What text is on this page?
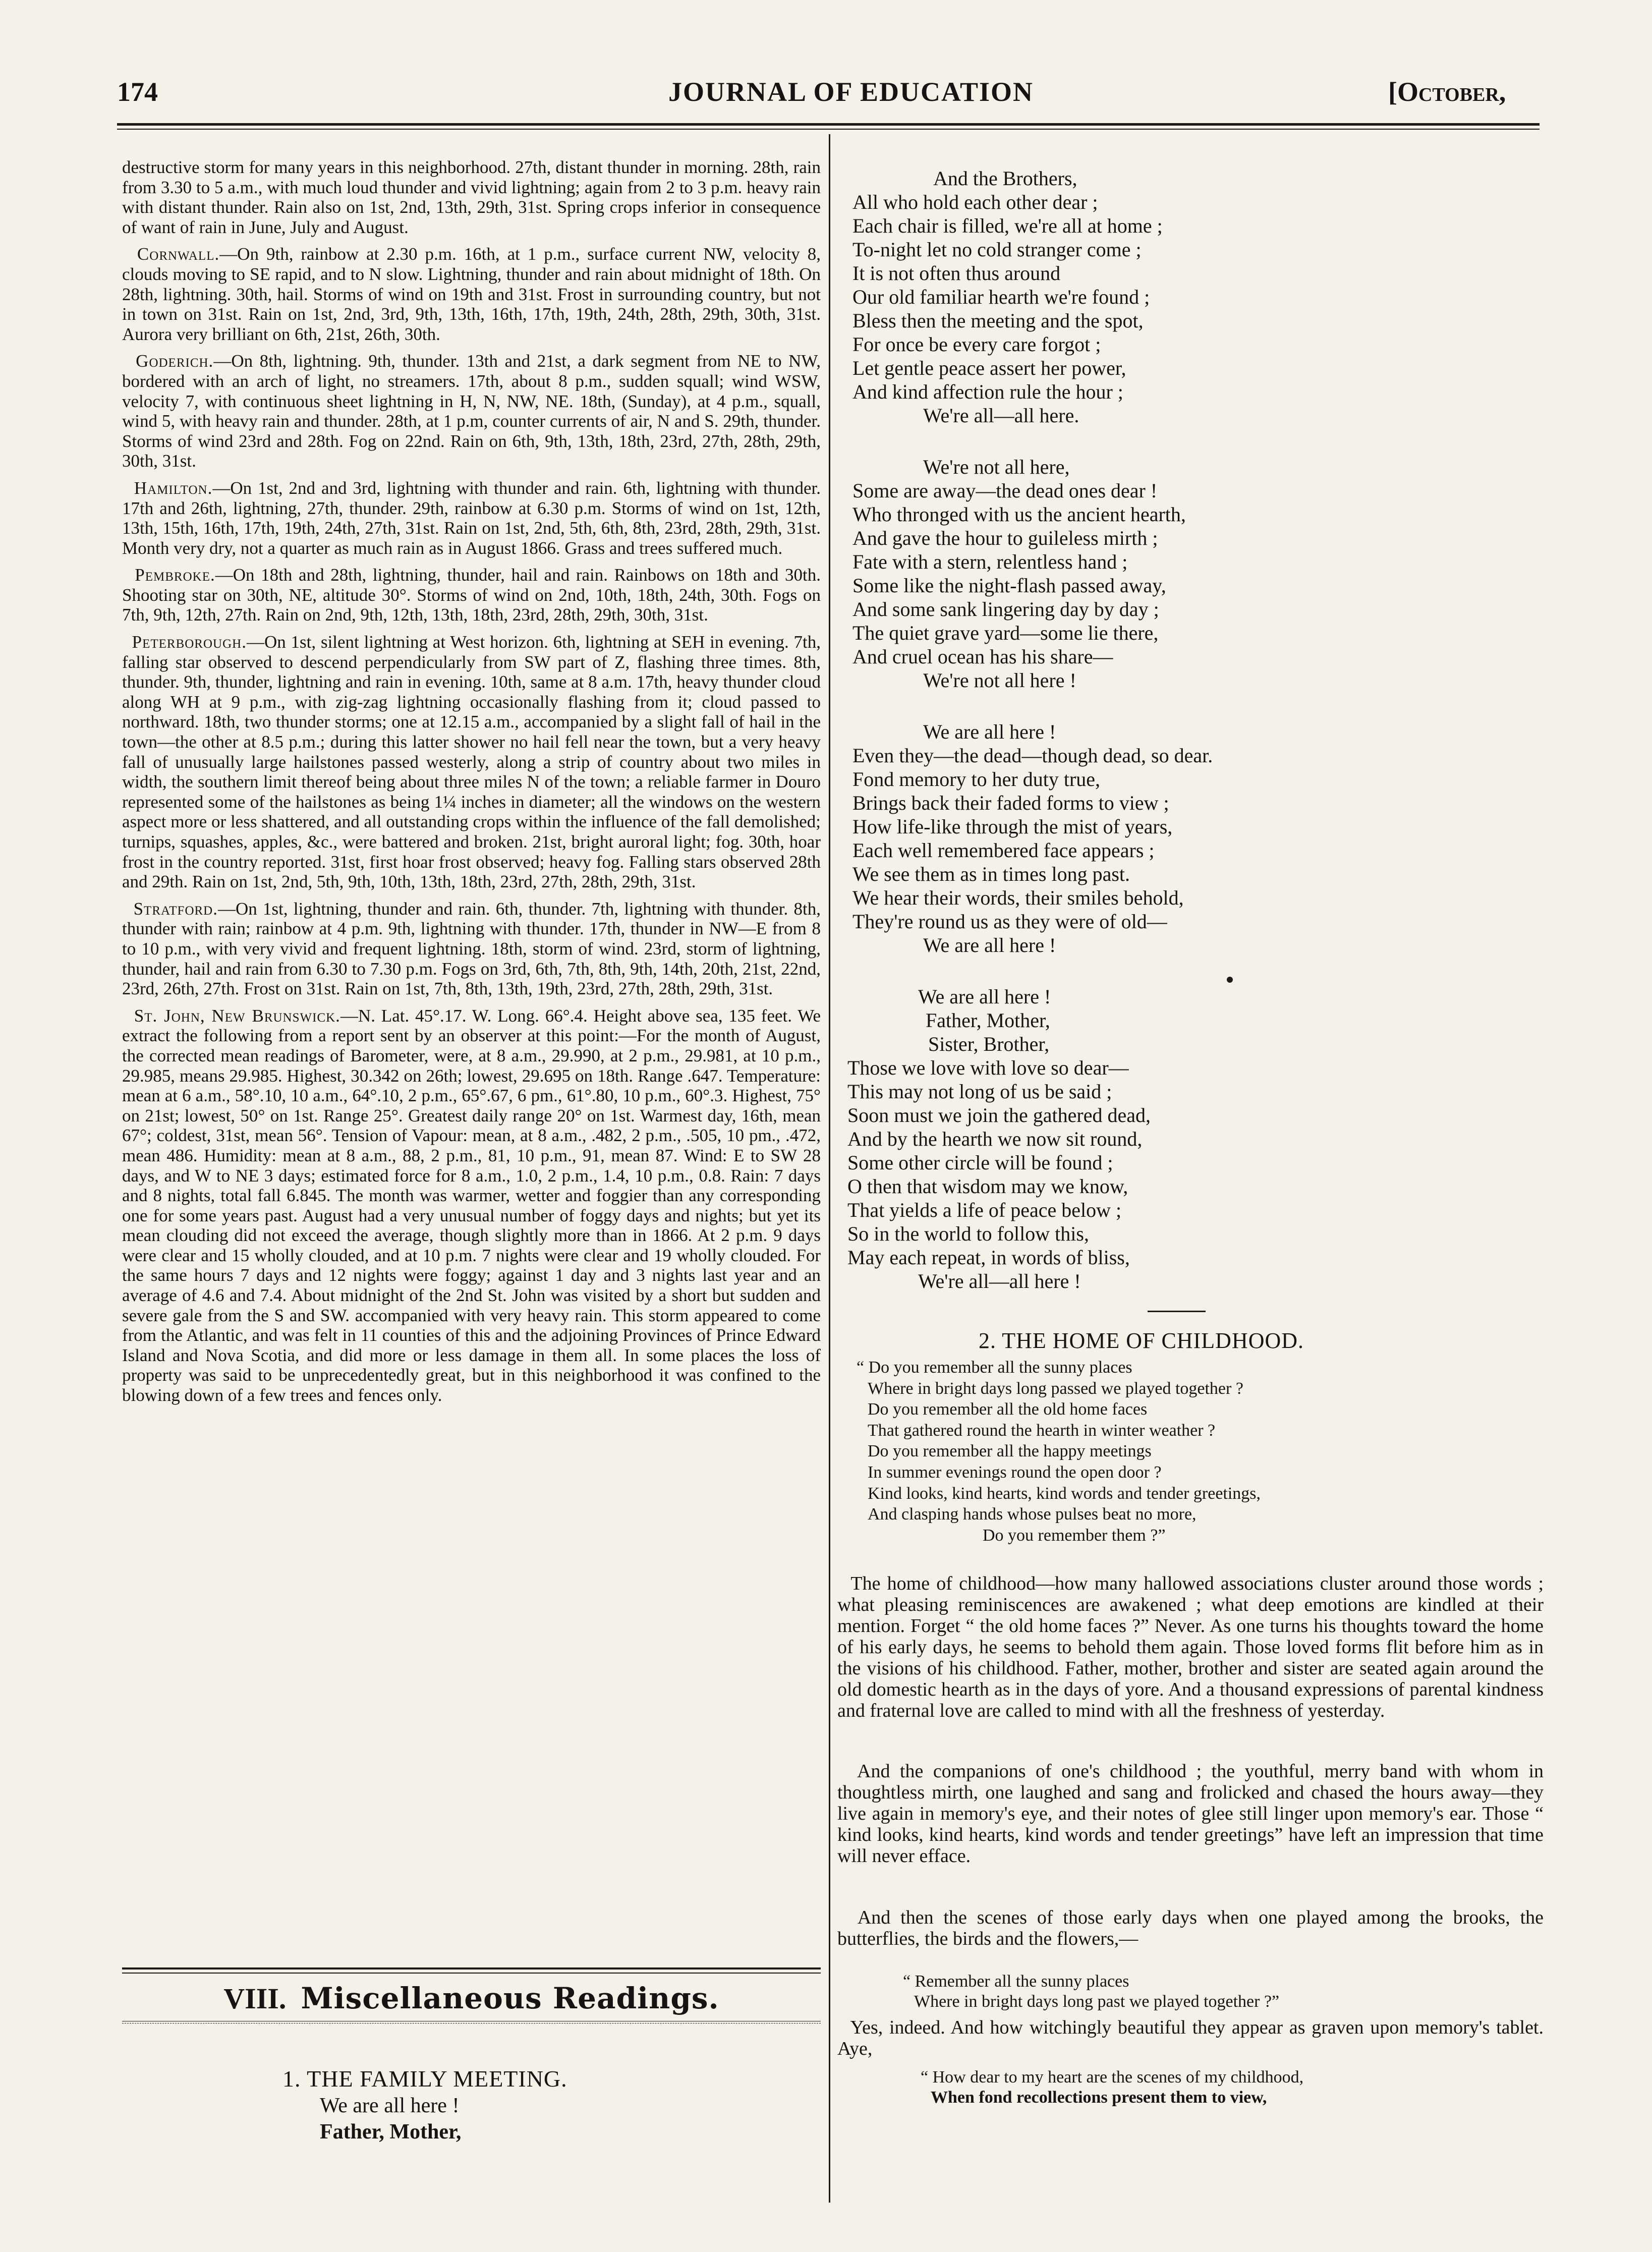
174	JOURNAL OF EDUCATION	[October,

destructive storm for many years in this neighborhood. 27th, distant thunder in morning. 28th, rain from 3.30 to 5 a.m., with much loud thunder and vivid lightning; again from 2 to 3 p.m. heavy rain with distant thunder. Rain also on 1st, 2nd, 13th, 29th, 31st. Spring crops inferior in consequence of want of rain in June, July and August.

Cornwall.—On 9th, rainbow at 2.30 p.m. 16th, at 1 p.m., surface current NW, velocity 8, clouds moving to SE rapid, and to N slow. Lightning, thunder and rain about midnight of 18th. On 28th, lightning. 30th, hail. Storms of wind on 19th and 31st. Frost in surrounding country, but not in town on 31st. Rain on 1st, 2nd, 3rd, 9th, 13th, 16th, 17th, 19th, 24th, 28th, 29th, 30th, 31st. Aurora very brilliant on 6th, 21st, 26th, 30th.

Goderich.—On 8th, lightning. 9th, thunder. 13th and 21st, a dark segment from NE to NW, bordered with an arch of light, no streamers. 17th, about 8 p.m., sudden squall; wind WSW, velocity 7, with continuous sheet lightning in H, N, NW, NE. 18th, (Sunday), at 4 p.m., squall, wind 5, with heavy rain and thunder. 28th, at 1 p.m, counter currents of air, N and S. 29th, thunder. Storms of wind 23rd and 28th. Fog on 22nd. Rain on 6th, 9th, 13th, 18th, 23rd, 27th, 28th, 29th, 30th, 31st.

Hamilton.—On 1st, 2nd and 3rd, lightning with thunder and rain. 6th, lightning with thunder. 17th and 26th, lightning, 27th, thunder. 29th, rainbow at 6.30 p.m. Storms of wind on 1st, 12th, 13th, 15th, 16th, 17th, 19th, 24th, 27th, 31st. Rain on 1st, 2nd, 5th, 6th, 8th, 23rd, 28th, 29th, 31st. Month very dry, not a quarter as much rain as in August 1866. Grass and trees suffered much.

Pembroke.—On 18th and 28th, lightning, thunder, hail and rain. Rainbows on 18th and 30th. Shooting star on 30th, NE, altitude 30°. Storms of wind on 2nd, 10th, 18th, 24th, 30th. Fogs on 7th, 9th, 12th, 27th. Rain on 2nd, 9th, 12th, 13th, 18th, 23rd, 28th, 29th, 30th, 31st.

Peterborough.—On 1st, silent lightning at West horizon. 6th, lightning at SEH in evening. 7th, falling star observed to descend perpendicularly from SW part of Z, flashing three times. 8th, thunder. 9th, thunder, lightning and rain in evening. 10th, same at 8 a.m. 17th, heavy thunder cloud along WH at 9 p.m., with zig-zag lightning occasionally flashing from it; cloud passed to northward. 18th, two thunder storms; one at 12.15 a.m., accompanied by a slight fall of hail in the town—the other at 8.5 p.m.; during this latter shower no hail fell near the town, but a very heavy fall of unusually large hailstones passed westerly, along a strip of country about two miles in width, the southern limit thereof being about three miles N of the town; a reliable farmer in Douro represented some of the hailstones as being 1¼ inches in diameter; all the windows on the western aspect more or less shattered, and all outstanding crops within the influence of the fall demolished; turnips, squashes, apples, &c., were battered and broken. 21st, bright auroral light; fog. 30th, hoar frost in the country reported. 31st, first hoar frost observed; heavy fog. Falling stars observed 28th and 29th. Rain on 1st, 2nd, 5th, 9th, 10th, 13th, 18th, 23rd, 27th, 28th, 29th, 31st.

Stratford.—On 1st, lightning, thunder and rain. 6th, thunder. 7th, lightning with thunder. 8th, thunder with rain; rainbow at 4 p.m. 9th, lightning with thunder. 17th, thunder in NW—E from 8 to 10 p.m., with very vivid and frequent lightning. 18th, storm of wind. 23rd, storm of lightning, thunder, hail and rain from 6.30 to 7.30 p.m. Fogs on 3rd, 6th, 7th, 8th, 9th, 14th, 20th, 21st, 22nd, 23rd, 26th, 27th. Frost on 31st. Rain on 1st, 7th, 8th, 13th, 19th, 23rd, 27th, 28th, 29th, 31st.

St. John, New Brunswick.—N. Lat. 45°.17. W. Long. 66°.4. Height above sea, 135 feet. We extract the following from a report sent by an observer at this point:—For the month of August, the corrected mean readings of Barometer, were, at 8 a.m., 29.990, at 2 p.m., 29.981, at 10 p.m., 29.985, means 29.985. Highest, 30.342 on 26th; lowest, 29.695 on 18th. Range .647. Temperature: mean at 6 a.m., 58°.10, 10 a.m., 64°.10, 2 p.m., 65°.67, 6 pm., 61°.80, 10 p.m., 60°.3. Highest, 75° on 21st; lowest, 50° on 1st. Range 25°. Greatest daily range 20° on 1st. Warmest day, 16th, mean 67°; coldest, 31st, mean 56°. Tension of Vapour: mean, at 8 a.m., .482, 2 p.m., .505, 10 pm., .472, mean 486. Humidity: mean at 8 a.m., 88, 2 p.m., 81, 10 p.m., 91, mean 87. Wind: E to SW 28 days, and W to NE 3 days; estimated force for 8 a.m., 1.0, 2 p.m., 1.4, 10 p.m., 0.8. Rain: 7 days and 8 nights, total fall 6.845. The month was warmer, wetter and foggier than any corresponding one for some years past. August had a very unusual number of foggy days and nights; but yet its mean clouding did not exceed the average, though slightly more than in 1866. At 2 p.m. 9 days were clear and 15 wholly clouded, and at 10 p.m. 7 nights were clear and 19 wholly clouded. For the same hours 7 days and 12 nights were foggy; against 1 day and 3 nights last year and an average of 4.6 and 7.4. About midnight of the 2nd St. John was visited by a short but sudden and severe gale from the S and SW. accompanied with very heavy rain. This storm appeared to come from the Atlantic, and was felt in 11 counties of this and the adjoining Provinces of Prince Edward Island and Nova Scotia, and did more or less damage in them all. In some places the loss of property was said to be unprecedentedly great, but in this neighborhood it was confined to the blowing down of a few trees and fences only.

VIII. Miscellaneous Readings.
1. THE FAMILY MEETING.
We are all here !
Father, Mother,
And the Brothers,
All who hold each other dear ;
Each chair is filled, we're all at home ;
To-night let no cold stranger come ;
It is not often thus around
Our old familiar hearth we're found ;
Bless then the meeting and the spot,
For once be every care forgot ;
Let gentle peace assert her power,
And kind affection rule the hour ;
We're all—all here.
We're not all here,
Some are away—the dead ones dear !
Who thronged with us the ancient hearth,
And gave the hour to guileless mirth ;
Fate with a stern, relentless hand ;
Some like the night-flash passed away,
And some sank lingering day by day ;
The quiet grave yard—some lie there,
And cruel ocean has his share—
We're not all here !
We are all here !
Even they—the dead—though dead, so dear.
Fond memory to her duty true,
Brings back their faded forms to view ;
How life-like through the mist of years,
Each well remembered face appears ;
We see them as in times long past.
We hear their words, their smiles behold,
They're round us as they were of old—
We are all here !
We are all here !
Father, Mother,
Sister, Brother,
Those we love with love so dear—
This may not long of us be said ;
Soon must we join the gathered dead,
And by the hearth we now sit round,
Some other circle will be found ;
O then that wisdom may we know,
That yields a life of peace below ;
So in the world to follow this,
May each repeat, in words of bliss,
We're all—all here !
2. THE HOME OF CHILDHOOD.
“ Do you remember all the sunny places
Where in bright days long passed we played together ?
Do you remember all the old home faces
That gathered round the hearth in winter weather ?
Do you remember all the happy meetings
In summer evenings round the open door ?
Kind looks, kind hearts, kind words and tender greetings,
And clasping hands whose pulses beat no more,
Do you remember them ?”
The home of childhood—how many hallowed associations cluster around those words ; what pleasing reminiscences are awakened ; what deep emotions are kindled at their mention. Forget “ the old home faces ?” Never. As one turns his thoughts toward the home of his early days, he seems to behold them again. Those loved forms flit before him as in the visions of his childhood. Father, mother, brother and sister are seated again around the old domestic hearth as in the days of yore. And a thousand expressions of parental kindness and fraternal love are called to mind with all the freshness of yesterday.
And the companions of one's childhood ; the youthful, merry band with whom in thoughtless mirth, one laughed and sang and frolicked and chased the hours away—they live again in memory's eye, and their notes of glee still linger upon memory's ear. Those “ kind looks, kind hearts, kind words and tender greetings” have left an impression that time will never efface.
And then the scenes of those early days when one played among the brooks, the butterflies, the birds and the flowers,—
“ Remember all the sunny places
Where in bright days long past we played together ?”
Yes, indeed. And how witchingly beautiful they appear as graven upon memory's tablet. Aye,
“ How dear to my heart are the scenes of my childhood,
When fond recollections present them to view,
